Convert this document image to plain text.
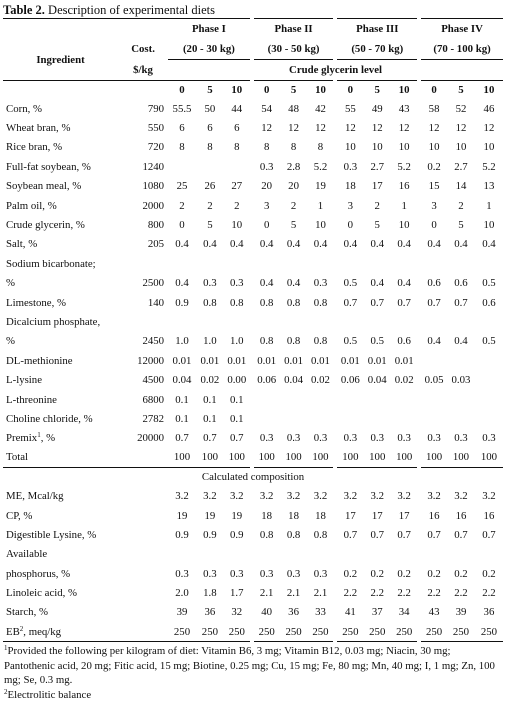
Table 2. Description of experimental diets
		Phase I			Phase II			Phase III			Phase IV		
Ingredient	Cost.	(20 - 30 kg)			(30 - 50 kg)			(50 - 70 kg)			(70 - 100 kg)		
	$/kg	Crude glycerin level											
		0	5	10	0	5	10	0	5	10	0	5	10
Corn, %	790	55.5	50	44	54	48	42	55	49	43	58	52	46
Wheat bran, %	550	6	6	6	12	12	12	12	12	12	12	12	12
Rice bran, %	720	8	8	8	8	8	8	10	10	10	10	10	10
Full-fat soybean, %	1240				0.3	2.8	5.2	0.3	2.7	5.2	0.2	2.7	5.2
Soybean meal, %	1080	25	26	27	20	20	19	18	17	16	15	14	13
Palm oil, %	2000	2	2	2	3	2	1	3	2	1	3	2	1
Crude glycerin, %	800	0	5	10	0	5	10	0	5	10	0	5	10
Salt, %	205	0.4	0.4	0.4	0.4	0.4	0.4	0.4	0.4	0.4	0.4	0.4	0.4
Sodium bicarbonate;													
%	2500	0.4	0.3	0.3	0.4	0.4	0.3	0.5	0.4	0.4	0.6	0.6	0.5
Limestone, %	140	0.9	0.8	0.8	0.8	0.8	0.8	0.7	0.7	0.7	0.7	0.7	0.6
Dicalcium phosphate,													
%	2450	1.0	1.0	1.0	0.8	0.8	0.8	0.5	0.5	0.6	0.4	0.4	0.5
DL-methionine	12000	0.01	0.01	0.01	0.01	0.01	0.01	0.01	0.01	0.01			
L-lysine	4500	0.04	0.02	0.00	0.06	0.04	0.02	0.06	0.04	0.02	0.05	0.03	
L-threonine	6800	0.1	0.1	0.1									
Choline chloride, %	2782	0.1	0.1	0.1									
Premix$^1$, %	20000	0.7	0.7	0.7	0.3	0.3	0.3	0.3	0.3	0.3	0.3	0.3	0.3
Total		100	100	100	100	100	100	100	100	100	100	100	100
Calculated composition													
ME, Mcal/kg		3.2	3.2	3.2	3.2	3.2	3.2	3.2	3.2	3.2	3.2	3.2	3.2
CP, %		19	19	19	18	18	18	17	17	17	16	16	16
Digestible Lysine, %		0.9	0.9	0.9	0.8	0.8	0.8	0.7	0.7	0.7	0.7	0.7	0.7
Available													
phosphorus, %		0.3	0.3	0.3	0.3	0.3	0.3	0.2	0.2	0.2	0.2	0.2	0.2
Linoleic acid, %		2.0	1.8	1.7	2.1	2.1	2.1	2.2	2.2	2.2	2.2	2.2	2.2
Starch, %		39	36	32	40	36	33	41	37	34	43	39	36
$EB^2$, meq/kg		250	250	250	250	250	250	250	250	250	250	250	250
$^1$Provided the following per kilogram of diet: Vitamin B6, 3 mg; Vitamin B12, 0.03 mg; Niacin, 30 mg; Pantothenic acid, 20 mg; Fitic acid, 15 mg; Biotine, 0.25 mg; Cu, 15 mg; Fe, 80 mg; Mn, 40 mg; I, 1 mg; Zn, 100 mg; Se, 0.3 mg.
$^2$Electrolitic balance
